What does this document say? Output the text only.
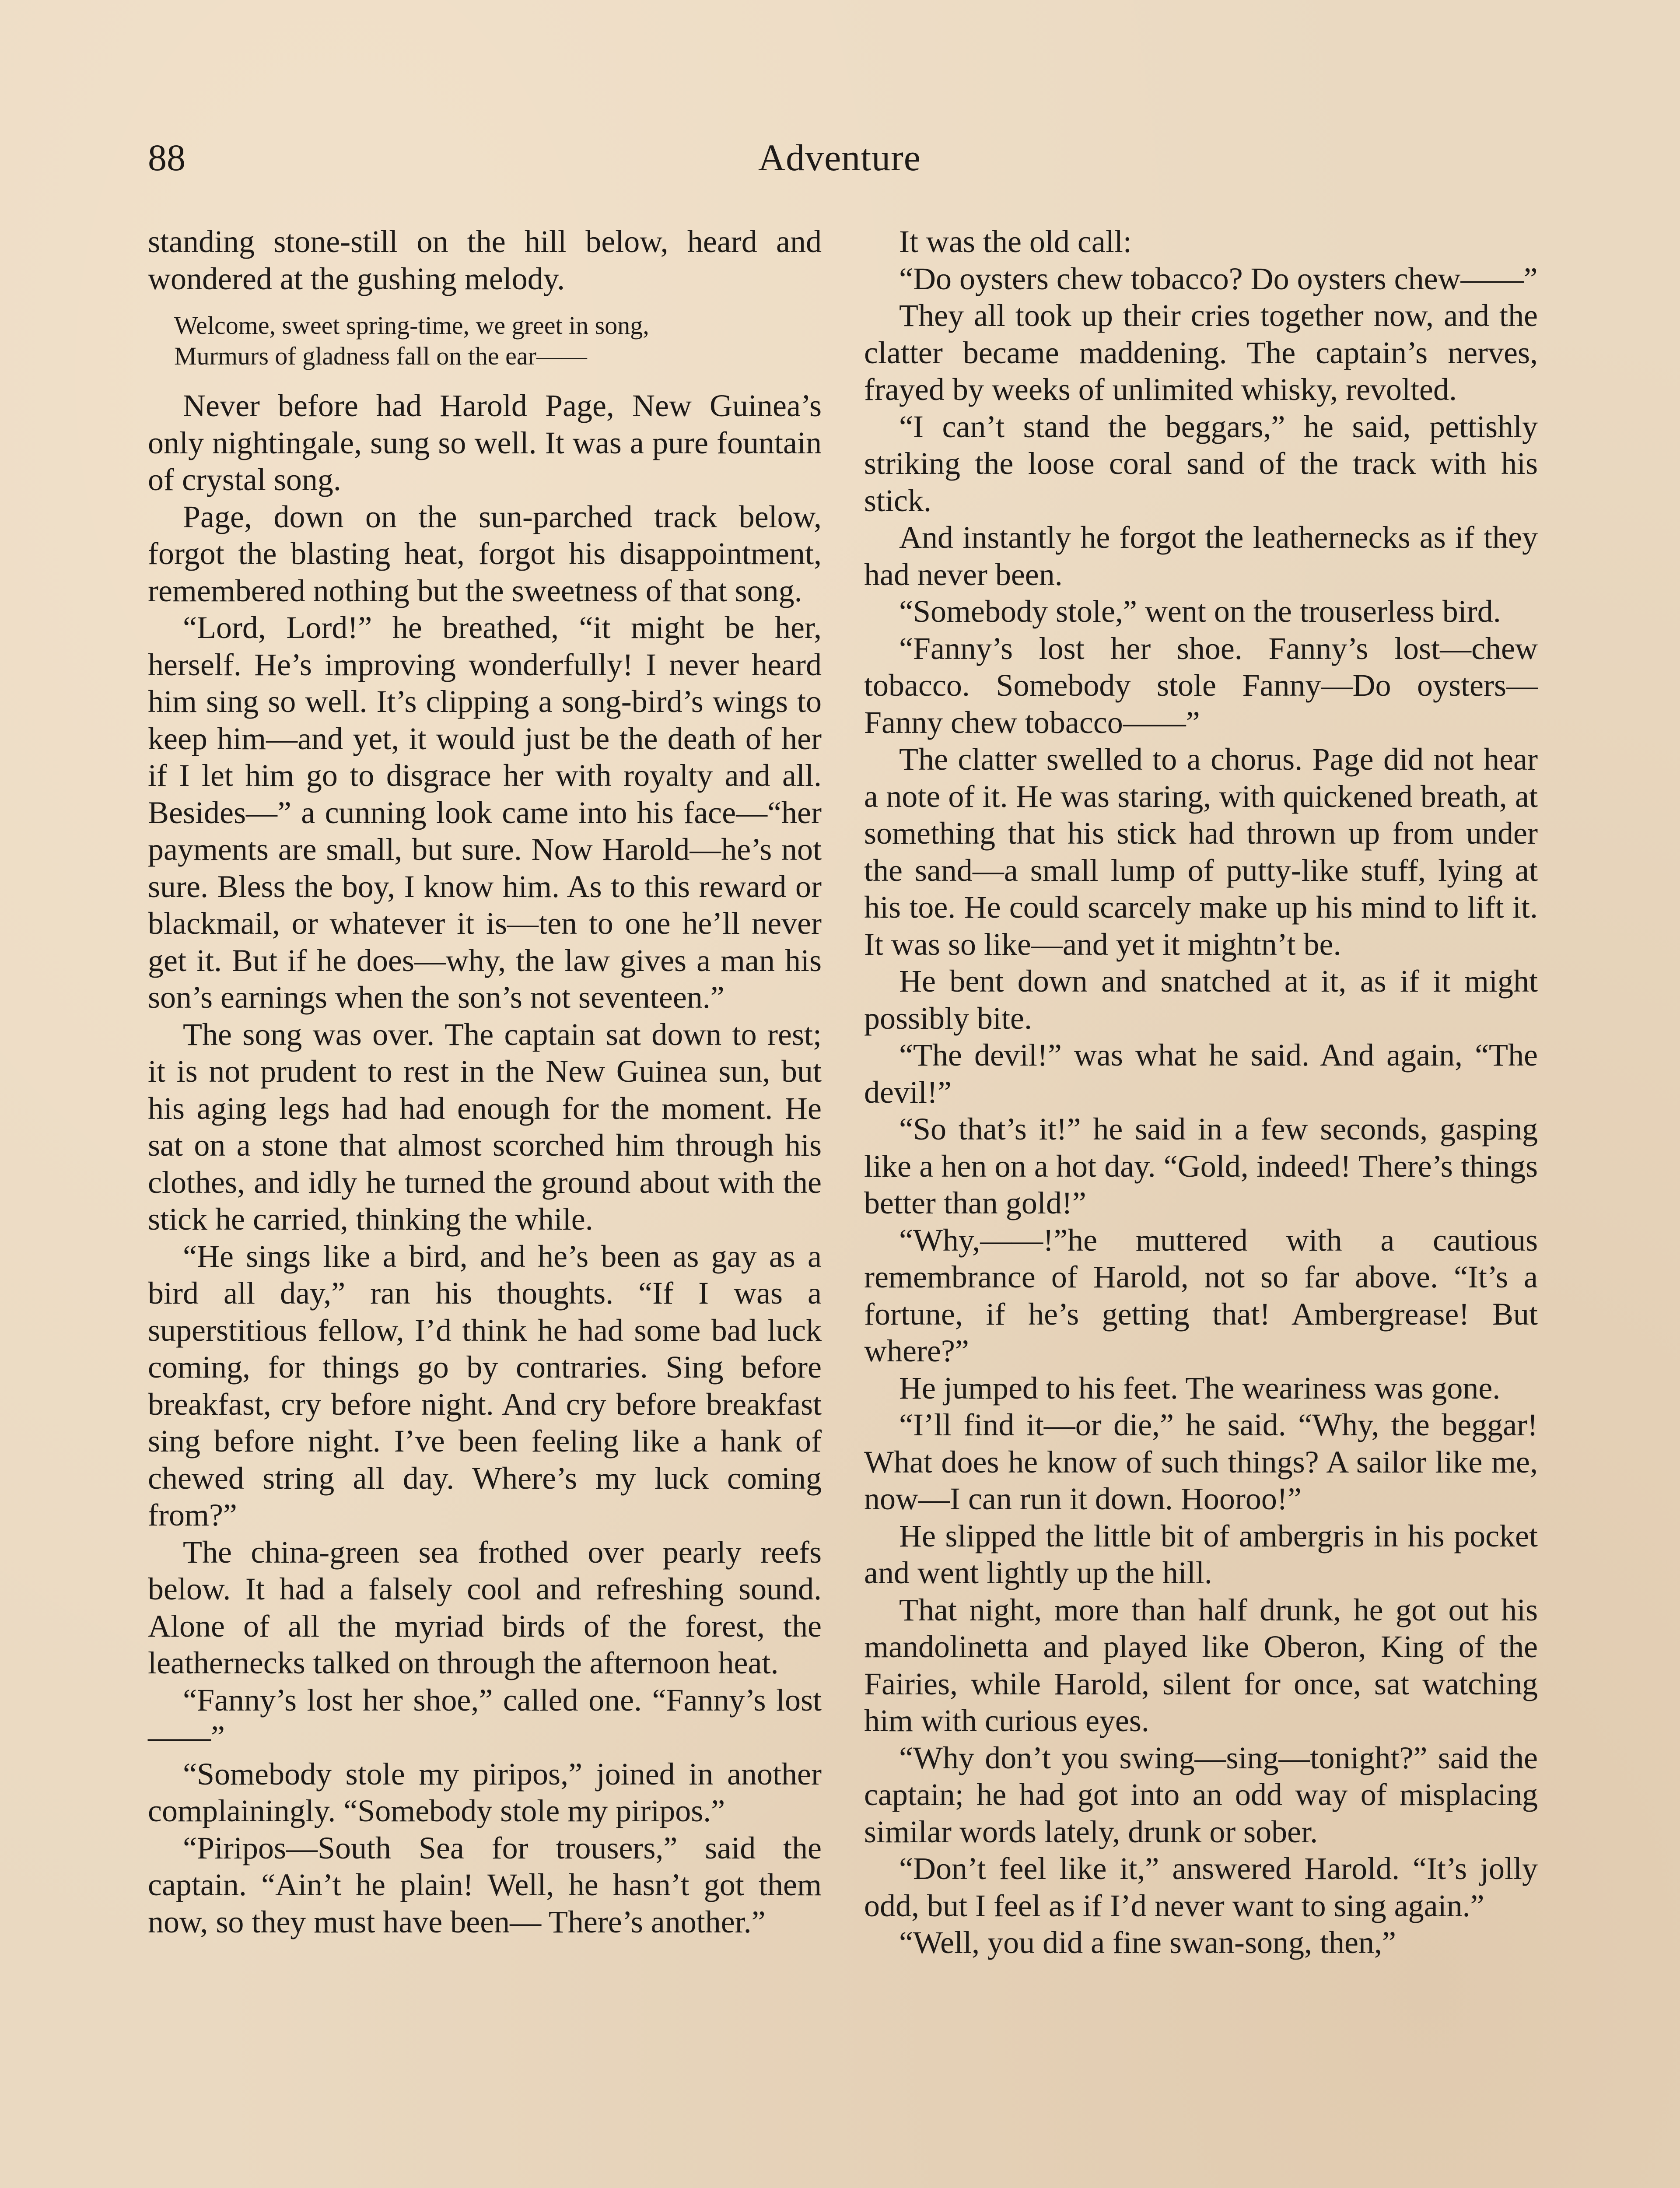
88	Adventure

standing stone-still on the hill below, heard and wondered at the gushing melody.

Welcome, sweet spring-time, we greet in song,
Murmurs of gladness fall on the ear——

Never before had Harold Page, New Guinea’s only nightingale, sung so well. It was a pure fountain of crystal song.

Page, down on the sun-parched track below, forgot the blasting heat, forgot his disappointment, remembered nothing but the sweetness of that song.

“Lord, Lord!” he breathed, “it might be her, herself. He’s improving wonderfully! I never heard him sing so well. It’s clipping a song-bird’s wings to keep him—and yet, it would just be the death of her if I let him go to disgrace her with royalty and all. Besides—” a cunning look came into his face—“her payments are small, but sure. Now Harold—he’s not sure. Bless the boy, I know him. As to this reward or blackmail, or whatever it is—ten to one he’ll never get it. But if he does—why, the law gives a man his son’s earnings when the son’s not seventeen.”

The song was over. The captain sat down to rest; it is not prudent to rest in the New Guinea sun, but his aging legs had had enough for the moment. He sat on a stone that almost scorched him through his clothes, and idly he turned the ground about with the stick he carried, thinking the while.

“He sings like a bird, and he’s been as gay as a bird all day,” ran his thoughts. “If I was a superstitious fellow, I’d think he had some bad luck coming, for things go by contraries. Sing before breakfast, cry before night. And cry before breakfast sing before night. I’ve been feeling like a hank of chewed string all day. Where’s my luck coming from?”

The china-green sea frothed over pearly reefs below. It had a falsely cool and refreshing sound. Alone of all the myriad birds of the forest, the leathernecks talked on through the afternoon heat.

“Fanny’s lost her shoe,” called one. “Fanny’s lost——”

“Somebody stole my piripos,” joined in another complainingly. “Somebody stole my piripos.”

“Piripos—South Sea for trousers,” said the captain. “Ain’t he plain! Well, he hasn’t got them now, so they must have been— There’s another.”

It was the old call:

“Do oysters chew tobacco? Do oysters chew——”

They all took up their cries together now, and the clatter became maddening. The captain’s nerves, frayed by weeks of unlimited whisky, revolted.

“I can’t stand the beggars,” he said, pettishly striking the loose coral sand of the track with his stick.

And instantly he forgot the leathernecks as if they had never been.

“Somebody stole,” went on the trouserless bird.

“Fanny’s lost her shoe. Fanny’s lost—chew tobacco. Somebody stole Fanny—Do oysters—Fanny chew tobacco——”

The clatter swelled to a chorus. Page did not hear a note of it. He was staring, with quickened breath, at something that his stick had thrown up from under the sand—a small lump of putty-like stuff, lying at his toe. He could scarcely make up his mind to lift it. It was so like—and yet it mightn’t be.

He bent down and snatched at it, as if it might possibly bite.

“The devil!” was what he said. And again, “The devil!”

“So that’s it!” he said in a few seconds, gasping like a hen on a hot day. “Gold, indeed! There’s things better than gold!”

“Why,——!”he muttered with a cautious remembrance of Harold, not so far above. “It’s a fortune, if he’s getting that! Ambergrease! But where?”

He jumped to his feet. The weariness was gone.

“I’ll find it—or die,” he said. “Why, the beggar! What does he know of such things? A sailor like me, now—I can run it down. Hooroo!”

He slipped the little bit of ambergris in his pocket and went lightly up the hill.

That night, more than half drunk, he got out his mandolinetta and played like Oberon, King of the Fairies, while Harold, silent for once, sat watching him with curious eyes.

“Why don’t you swing—sing—tonight?” said the captain; he had got into an odd way of misplacing similar words lately, drunk or sober.

“Don’t feel like it,” answered Harold. “It’s jolly odd, but I feel as if I’d never want to sing again.”

“Well, you did a fine swan-song, then,”
